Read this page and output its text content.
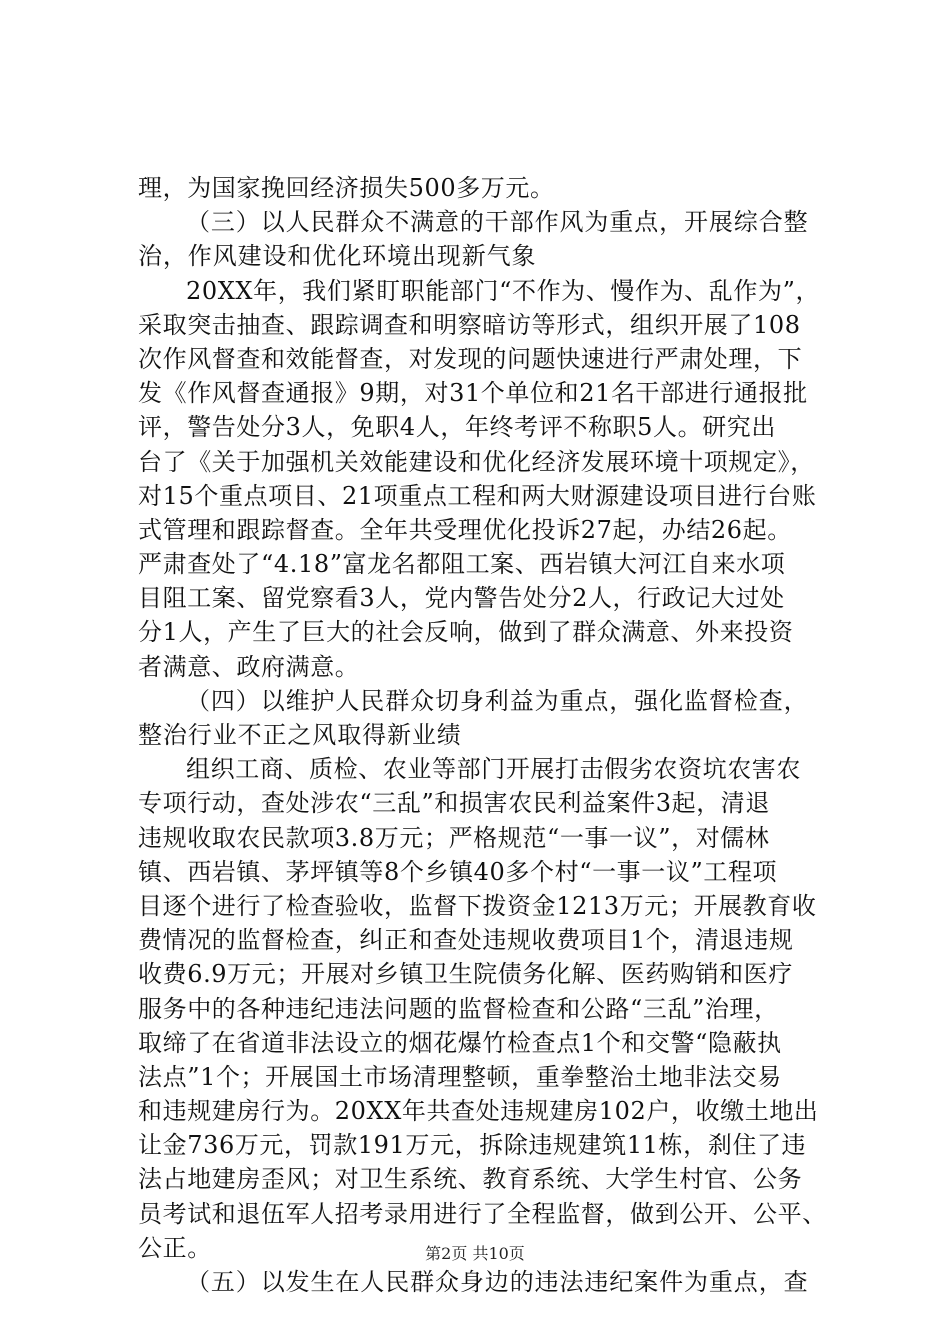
理，为国家挽回经济损失500多万元。
（三）以人民群众不满意的干部作风为重点，开展综合整
治，作风建设和优化环境出现新气象
20XX年，我们紧盯职能部门“不作为、慢作为、乱作为”，
采取突击抽查、跟踪调查和明察暗访等形式，组织开展了108
次作风督查和效能督查，对发现的问题快速进行严肃处理，下
发《作风督查通报》9期，对31个单位和21名干部进行通报批
评，警告处分3人，免职4人，年终考评不称职5人。研究出
台了《关于加强机关效能建设和优化经济发展环境十项规定》，
对15个重点项目、21项重点工程和两大财源建设项目进行台账
式管理和跟踪督查。全年共受理优化投诉27起，办结26起。
严肃查处了“4.18”富龙名都阻工案、西岩镇大河江自来水项
目阻工案、留党察看3人，党内警告处分2人，行政记大过处
分1人，产生了巨大的社会反响，做到了群众满意、外来投资
者满意、政府满意。
（四）以维护人民群众切身利益为重点，强化监督检查，
整治行业不正之风取得新业绩
组织工商、质检、农业等部门开展打击假劣农资坑农害农
专项行动，查处涉农“三乱”和损害农民利益案件3起，清退
违规收取农民款项3.8万元；严格规范“一事一议”，对儒林
镇、西岩镇、茅坪镇等8个乡镇40多个村“一事一议”工程项
目逐个进行了检查验收，监督下拨资金1213万元；开展教育收
费情况的监督检查，纠正和查处违规收费项目1个，清退违规
收费6.9万元；开展对乡镇卫生院债务化解、医药购销和医疗
服务中的各种违纪违法问题的监督检查和公路“三乱”治理，
取缔了在省道非法设立的烟花爆竹检查点1个和交警“隐蔽执
法点”1个；开展国土市场清理整顿，重拳整治土地非法交易
和违规建房行为。20XX年共查处违规建房102户，收缴土地出
让金736万元，罚款191万元，拆除违规建筑11栋，刹住了违
法占地建房歪风；对卫生系统、教育系统、大学生村官、公务
员考试和退伍军人招考录用进行了全程监督，做到公开、公平、
公正。
（五）以发生在人民群众身边的违法违纪案件为重点，查
第2页 共10页
